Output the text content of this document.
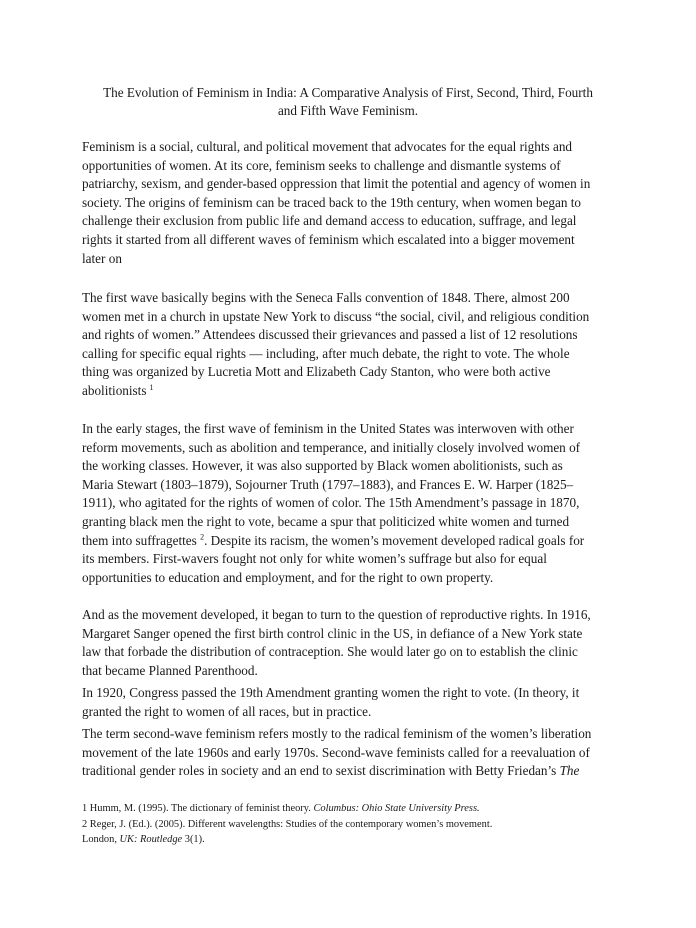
The Evolution of Feminism in India: A Comparative Analysis of First, Second, Third, Fourth
and Fifth Wave Feminism.

Feminism is a social, cultural, and political movement that advocates for the equal rights and
opportunities of women. At its core, feminism seeks to challenge and dismantle systems of
patriarchy, sexism, and gender-based oppression that limit the potential and agency of women in
society. The origins of feminism can be traced back to the 19th century, when women began to
challenge their exclusion from public life and demand access to education, suffrage, and legal
rights it started from all different waves of feminism which escalated into a bigger movement
later on

The first wave basically begins with the Seneca Falls convention of 1848. There, almost 200
women met in a church in upstate New York to discuss “the social, civil, and religious condition
and rights of women.” Attendees discussed their grievances and passed a list of 12 resolutions
calling for specific equal rights — including, after much debate, the right to vote. The whole
thing was organized by Lucretia Mott and Elizabeth Cady Stanton, who were both active
abolitionists $^1$

In the early stages, the first wave of feminism in the United States was interwoven with other
reform movements, such as abolition and temperance, and initially closely involved women of
the working classes. However, it was also supported by Black women abolitionists, such as
Maria Stewart (1803–1879), Sojourner Truth (1797–1883), and Frances E. W. Harper (1825–
1911), who agitated for the rights of women of color. The 15th Amendment’s passage in 1870,
granting black men the right to vote, became a spur that politicized white women and turned
them into suffragettes $^2$. Despite its racism, the women’s movement developed radical goals for
its members. First-wavers fought not only for white women’s suffrage but also for equal
opportunities to education and employment, and for the right to own property.

And as the movement developed, it began to turn to the question of reproductive rights. In 1916,
Margaret Sanger opened the first birth control clinic in the US, in defiance of a New York state
law that forbade the distribution of contraception. She would later go on to establish the clinic
that became Planned Parenthood.

In 1920, Congress passed the 19th Amendment granting women the right to vote. (In theory, it
granted the right to women of all races, but in practice.

The term second-wave feminism refers mostly to the radical feminism of the women’s liberation
movement of the late 1960s and early 1970s. Second-wave feminists called for a reevaluation of
traditional gender roles in society and an end to sexist discrimination with Betty Friedan’s The

1 Humm, M. (1995). The dictionary of feminist theory. Columbus: Ohio State University Press.
2 Reger, J. (Ed.). (2005). Different wavelengths: Studies of the contemporary women’s movement.
London, UK: Routledge 3(1).
